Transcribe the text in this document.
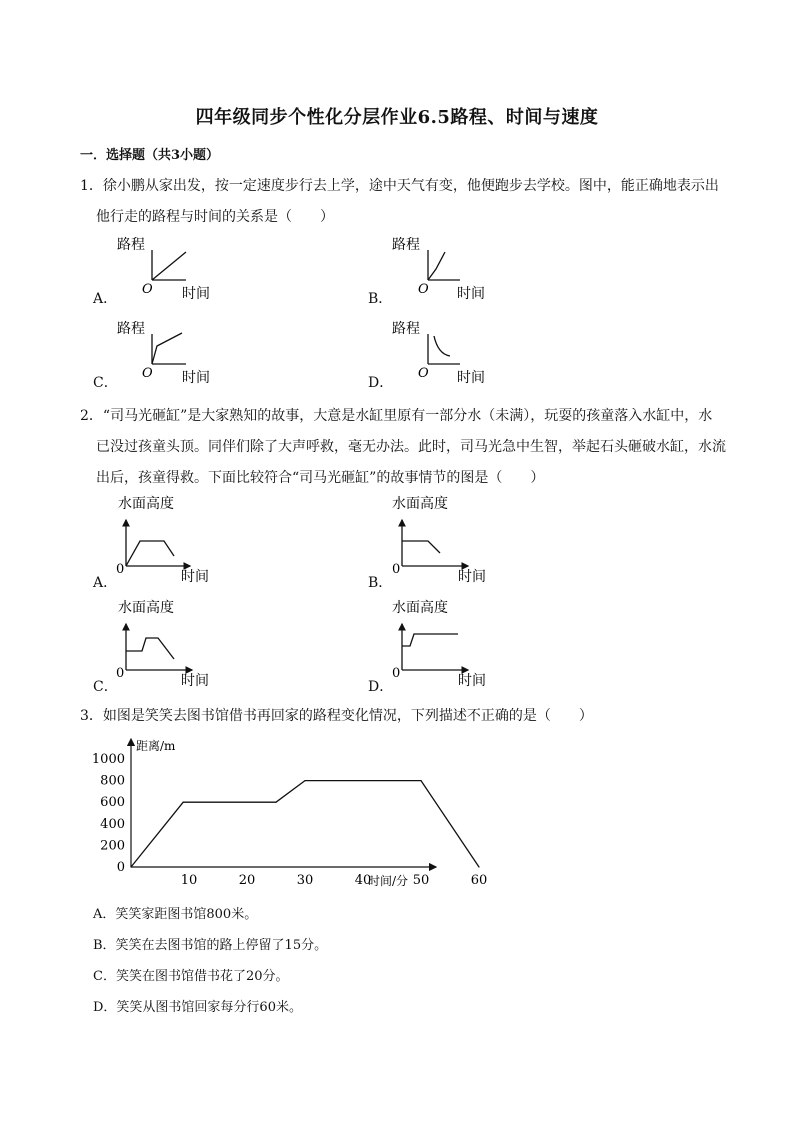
四年级同步个性化分层作业6.5路程、时间与速度
一．选择题（共3小题）
1．徐小鹏从家出发，按一定速度步行去上学，途中天气有变，他便跑步去学校。图中，能正确地表示出
他行走的路程与时间的关系是（　　）
A．	B．
C．	D．
路程
O 时间
路程
O 时间
路程
O 时间
路程
O 时间
2．“司马光砸缸”是大家熟知的故事，大意是水缸里原有一部分水（未满），玩耍的孩童落入水缸中，水
已没过孩童头顶。同伴们除了大声呼救，毫无办法。此时，司马光急中生智，举起石头砸破水缸，水流
出后，孩童得救。下面比较符合“司马光砸缸”的故事情节的图是（　　）
A．	B．
C．	D．
水面高度
0	时间
水面高度
0	时间
水面高度
0	时间
水面高度
0	时间
3．如图是笑笑去图书馆借书再回家的路程变化情况，下列描述不正确的是（　　）
距离/m
时间/分
0
200
400
600
800
1000
10	20	30	40	50	60
A．笑笑家距图书馆800米。
B．笑笑在去图书馆的路上停留了15分。
C．笑笑在图书馆借书花了20分。
D．笑笑从图书馆回家每分行60米。
